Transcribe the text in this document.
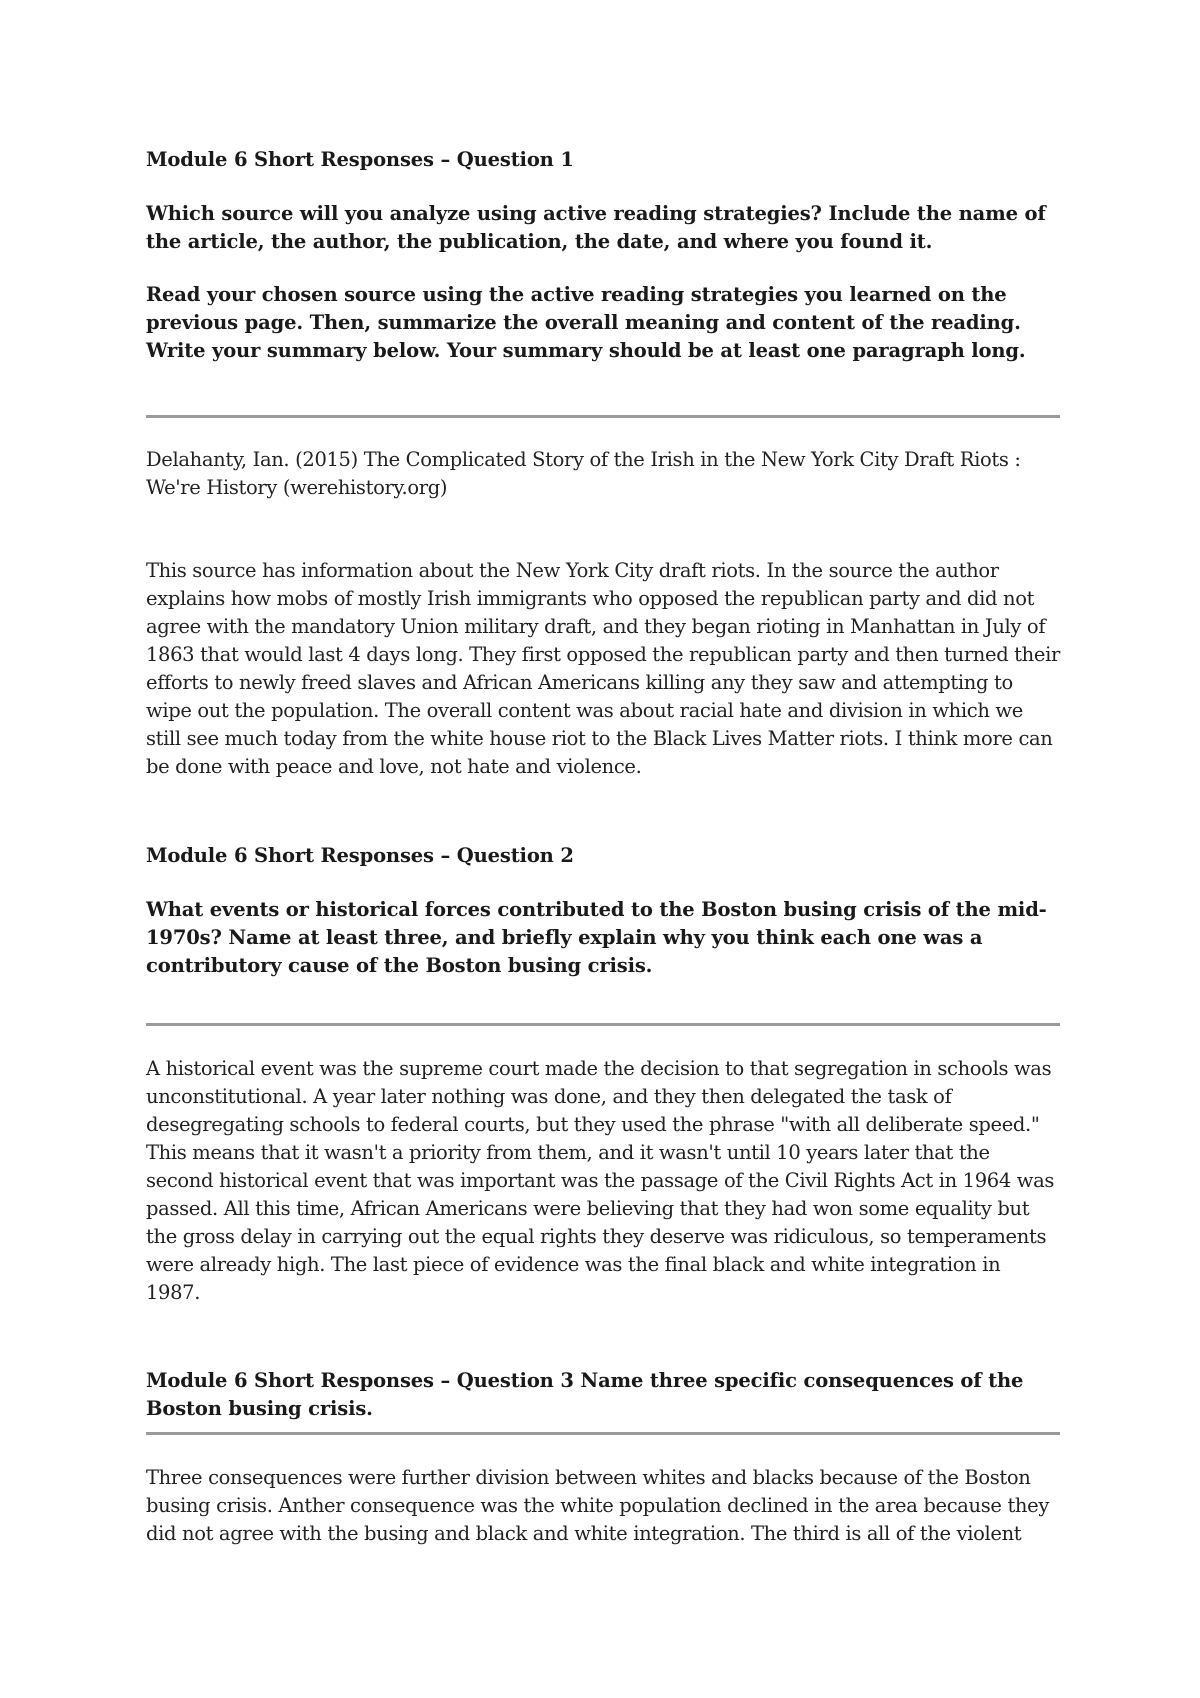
Module 6 Short Responses – Question 1

Which source will you analyze using active reading strategies? Include the name of the article, the author, the publication, the date, and where you found it.

Read your chosen source using the active reading strategies you learned on the previous page. Then, summarize the overall meaning and content of the reading. Write your summary below. Your summary should be at least one paragraph long.

Delahanty, Ian. (2015) The Complicated Story of the Irish in the New York City Draft Riots : We're History (werehistory.org)

This source has information about the New York City draft riots. In the source the author explains how mobs of mostly Irish immigrants who opposed the republican party and did not agree with the mandatory Union military draft, and they began rioting in Manhattan in July of 1863 that would last 4 days long. They first opposed the republican party and then turned their efforts to newly freed slaves and African Americans killing any they saw and attempting to wipe out the population. The overall content was about racial hate and division in which we still see much today from the white house riot to the Black Lives Matter riots. I think more can be done with peace and love, not hate and violence.

Module 6 Short Responses – Question 2

What events or historical forces contributed to the Boston busing crisis of the mid-1970s? Name at least three, and briefly explain why you think each one was a contributory cause of the Boston busing crisis.

A historical event was the supreme court made the decision to that segregation in schools was unconstitutional. A year later nothing was done, and they then delegated the task of desegregating schools to federal courts, but they used the phrase "with all deliberate speed." This means that it wasn't a priority from them, and it wasn't until 10 years later that the second historical event that was important was the passage of the Civil Rights Act in 1964 was passed. All this time, African Americans were believing that they had won some equality but the gross delay in carrying out the equal rights they deserve was ridiculous, so temperaments were already high. The last piece of evidence was the final black and white integration in 1987.

Module 6 Short Responses – Question 3 Name three specific consequences of the Boston busing crisis.

Three consequences were further division between whites and blacks because of the Boston busing crisis. Anther consequence was the white population declined in the area because they did not agree with the busing and black and white integration. The third is all of the violent
